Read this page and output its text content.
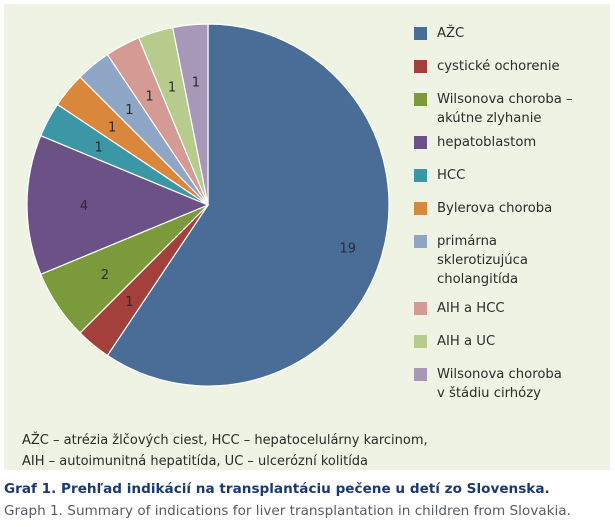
19
1
2
4
1
1
1
1
1 1
AŽC
cystické ochorenie
Wilsonova choroba –
akútne zlyhanie
hepatoblastom
HCC
Bylerova choroba
primárna
sklerotizujúca
cholangitída
AIH a HCC
AIH a UC
Wilsonova choroba
v štádiu cirhózy
AŽC – atrézia žlčových ciest, HCC – hepatocelulárny karcinom,
AIH – autoimunitná hepatitída, UC – ulcerózní kolitída
Graf 1. Prehľad indikácií na transplantáciu pečene u detí zo Slovenska.
Graph 1. Summary of indications for liver transplantation in children from Slovakia.
